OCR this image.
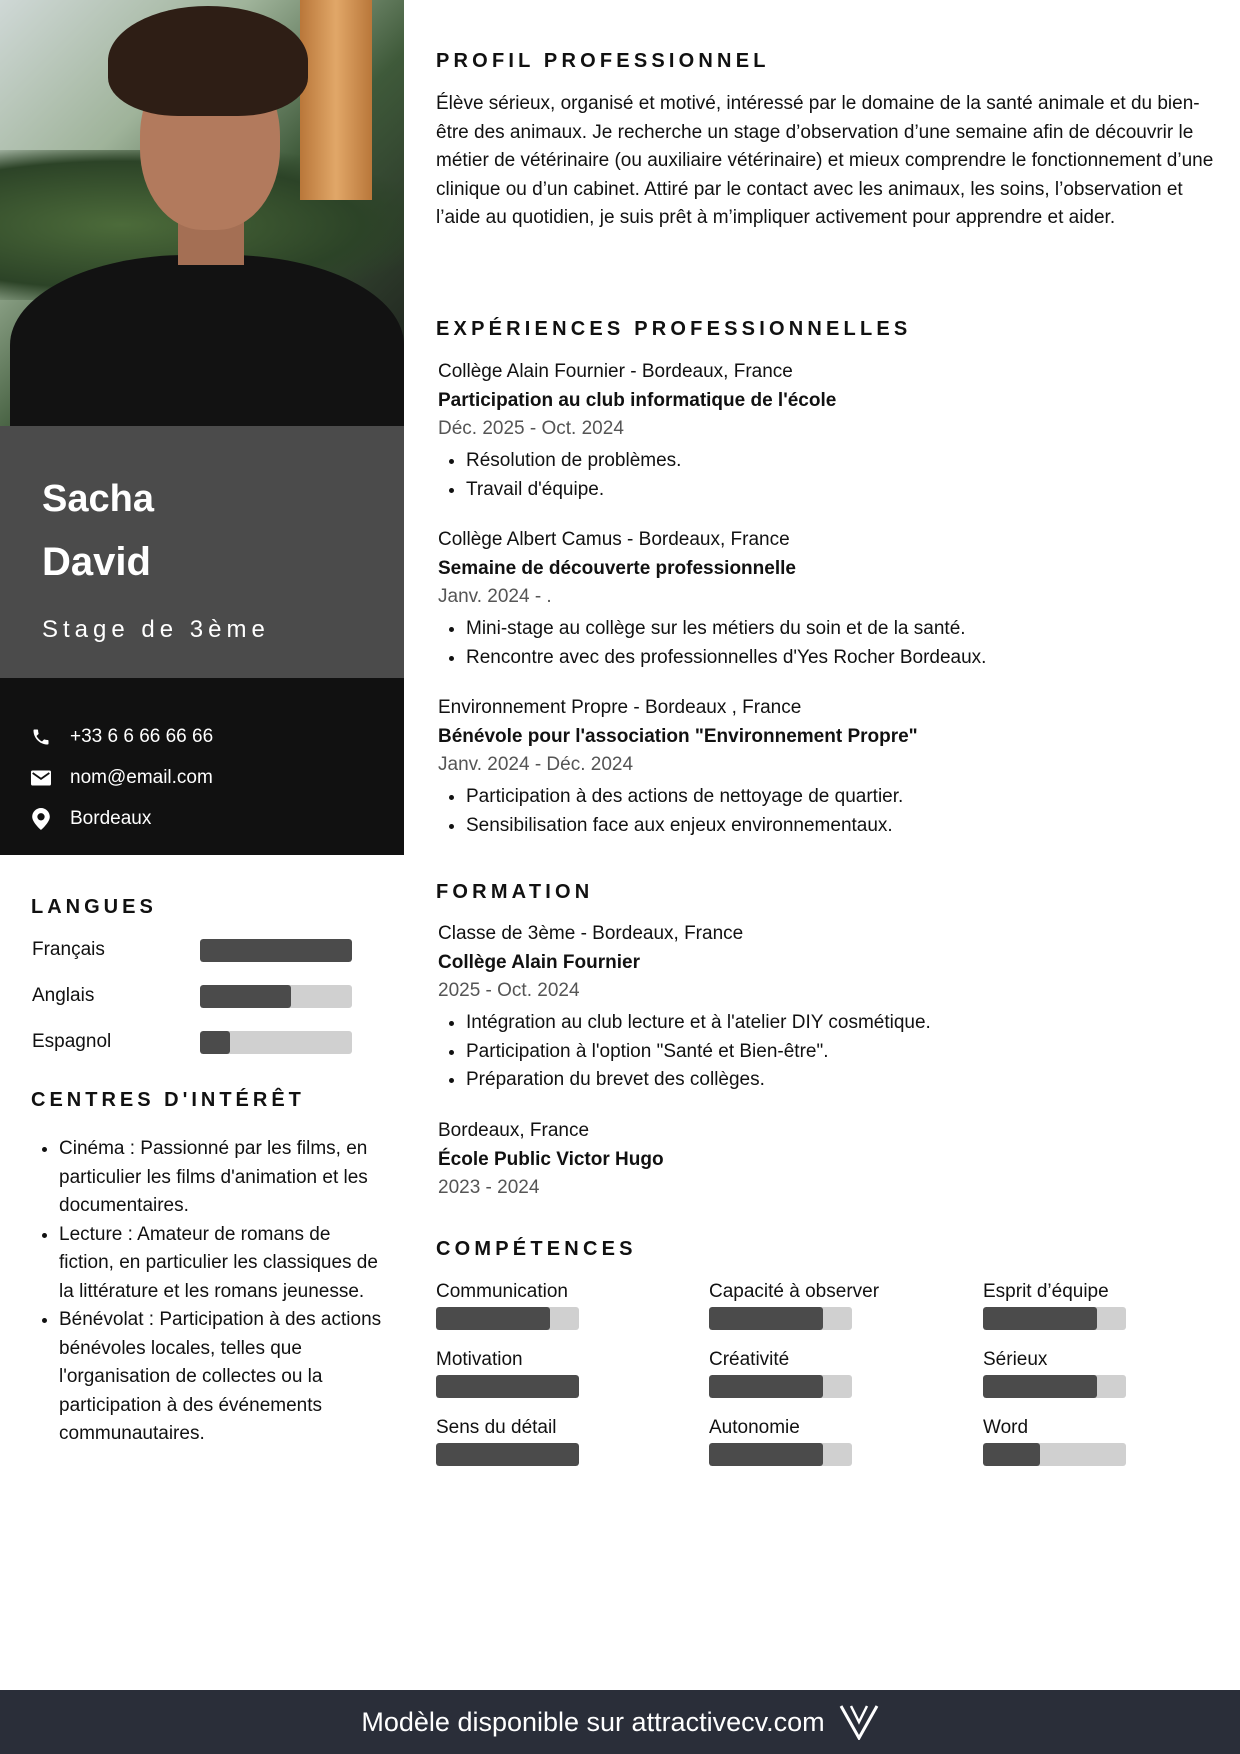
Sacha
David
Stage de 3ème
+33 6 6 66 66 66
nom@email.com
Bordeaux
LANGUES
Français
Anglais
Espagnol
CENTRES D'INTÉRÊT
• Cinéma : Passionné par les films, en particulier les films d'animation et les documentaires.
• Lecture : Amateur de romans de fiction, en particulier les classiques de la littérature et les romans jeunesse.
• Bénévolat : Participation à des actions bénévoles locales, telles que l'organisation de collectes ou la participation à des événements communautaires.
PROFIL PROFESSIONNEL

Élève sérieux, organisé et motivé, intéressé par le domaine de la santé animale et du bien-être des animaux. Je recherche un stage d’observation d’une semaine afin de découvrir le métier de vétérinaire (ou auxiliaire vétérinaire) et mieux comprendre le fonctionnement d’une clinique ou d’un cabinet. Attiré par le contact avec les animaux, les soins, l’observation et l’aide au quotidien, je suis prêt à m’impliquer activement pour apprendre et aider.

EXPÉRIENCES PROFESSIONNELLES
Collège Alain Fournier - Bordeaux, France
Participation au club informatique de l'école
Déc. 2025 - Oct. 2024
• Résolution de problèmes.
• Travail d'équipe.
Collège Albert Camus - Bordeaux, France
Semaine de découverte professionnelle
Janv. 2024 - .
• Mini-stage au collège sur les métiers du soin et de la santé.
• Rencontre avec des professionnelles d'Yes Rocher Bordeaux.
Environnement Propre - Bordeaux , France
Bénévole pour l'association "Environnement Propre"
Janv. 2024 - Déc. 2024
• Participation à des actions de nettoyage de quartier.
• Sensibilisation face aux enjeux environnementaux.
FORMATION
Classe de 3ème - Bordeaux, France
Collège Alain Fournier
2025 - Oct. 2024
• Intégration au club lecture et à l'atelier DIY cosmétique.
• Participation à l'option "Santé et Bien-être".
• Préparation du brevet des collèges.
Bordeaux, France
École Public Victor Hugo
2023 - 2024
COMPÉTENCES
Communication	Capacité à observer	Esprit d’équipe
Motivation	Créativité	Sérieux
Sens du détail	Autonomie	Word
Modèle disponible sur attractivecv.com
